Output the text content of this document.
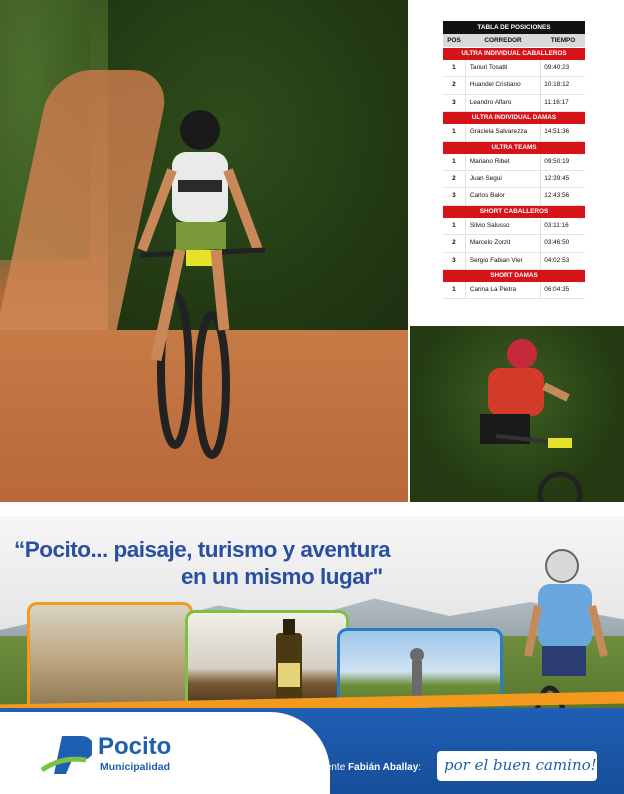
TABLA DE POSICIONES
POS	CORREDOR	TIEMPO
ULTRA INDIVIDUAL CABALLEROS
1	Tanuri Tosatti	09:40:23
2	Huandel Cristiano	10:18:12
3	Leandro Alfaro	11:16:17
ULTRA INDIVIDUAL DAMAS
1	Graciela Salvarezza	14:51:36
ULTRA TEAMS
1	Mariano Ribet	09:50:19
2	Juan Segui	12:39:45
3	Carlos Balor	12:43:56
SHORT CABALLEROS
1	Silvio Salusso	03:11:16
2	Marcelo Zorzit	03:46:50
3	Sergio Fabian Vier	04:02:53
SHORT DAMAS
1	Carina La Pietra	06:04:35
“Pocito... paisaje, turismo y aventura
en un mismo lugar"
Pocito
Municipalidad	Intendente Fabián Aballay: por el buen camino!
